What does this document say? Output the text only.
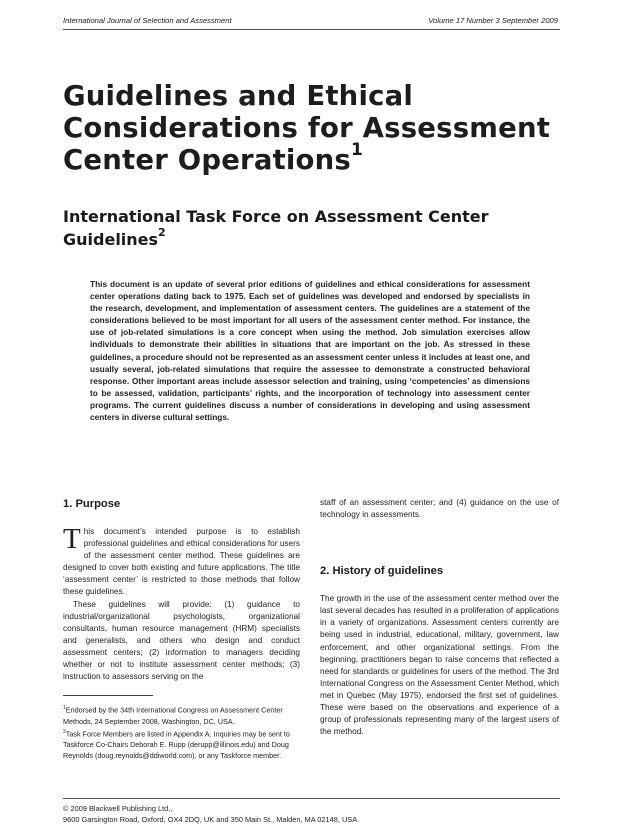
International Journal of Selection and Assessment	Volume 17 Number 3 September 2009
Guidelines and Ethical Considerations for Assessment Center Operations$^1$
International Task Force on Assessment Center Guidelines$^2$
This document is an update of several prior editions of guidelines and ethical considerations for assessment center operations dating back to 1975. Each set of guidelines was developed and endorsed by specialists in the research, development, and implementation of assessment centers. The guidelines are a statement of the considerations believed to be most important for all users of the assessment center method. For instance, the use of job-related simulations is a core concept when using the method. Job simulation exercises allow individuals to demonstrate their abilities in situations that are important on the job. As stressed in these guidelines, a procedure should not be represented as an assessment center unless it includes at least one, and usually several, job-related simulations that require the assessee to demonstrate a constructed behavioral response. Other important areas include assessor selection and training, using ‘competencies’ as dimensions to be assessed, validation, participants’ rights, and the incorporation of technology into assessment center programs. The current guidelines discuss a number of considerations in developing and using assessment centers in diverse cultural settings.
1. Purpose

This document’s intended purpose is to establish professional guidelines and ethical considerations for users of the assessment center method. These guidelines are designed to cover both existing and future applications. The title ‘assessment center’ is restricted to those methods that follow these guidelines.

These guidelines will provide: (1) guidance to industrial/organizational psychologists, organizational consultants, human resource management (HRM) specialists and generalists, and others who design and conduct assessment centers; (2) information to managers deciding whether or not to institute assessment center methods; (3) instruction to assessors serving on the

$^1$Endorsed by the 34th International Congress on Assessment Center Methods, 24 September 2008, Washington, DC, USA.

$^2$Task Force Members are listed in Appendix A. Inquiries may be sent to Taskforce Co-Chairs Deborah E. Rupp (derupp@illinois.edu) and Doug Reynolds (doug.reynolds@ddiworld.com), or any Taskforce member.

staff of an assessment center; and (4) guidance on the use of technology in assessments.

2. History of guidelines

The growth in the use of the assessment center method over the last several decades has resulted in a proliferation of applications in a variety of organizations. Assessment centers currently are being used in industrial, educational, military, government, law enforcement, and other organizational settings. From the beginning, practitioners began to raise concerns that reflected a need for standards or guidelines for users of the method. The 3rd International Congress on the Assessment Center Method, which met in Quebec (May 1975), endorsed the first set of guidelines. These were based on the observations and experience of a group of professionals representing many of the largest users of the method.

© 2009 Blackwell Publishing Ltd.,
9600 Garsington Road, Oxford, OX4 2DQ, UK and 350 Main St., Malden, MA 02148, USA
